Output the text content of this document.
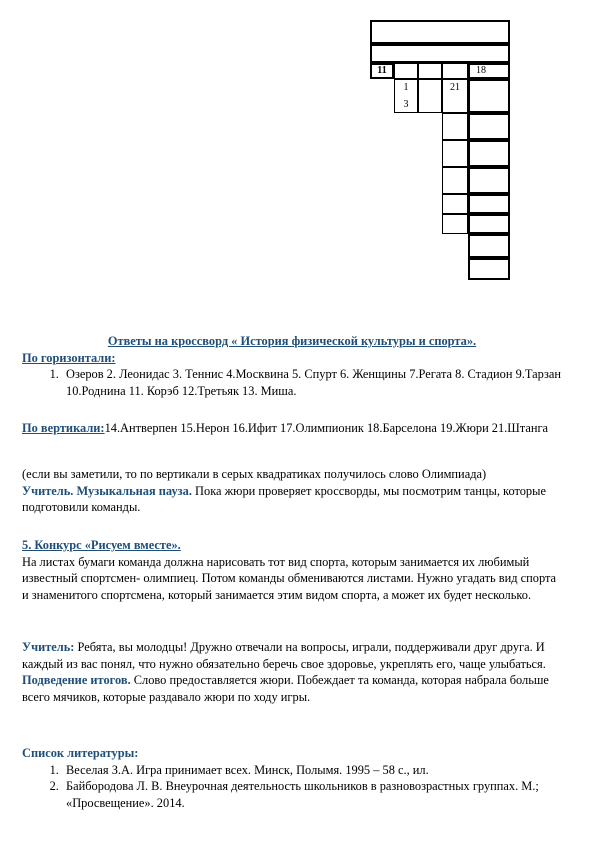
11	18
1
3
21

Ответы на кроссворд « История физической культуры и спорта».

По горизонтали:

1. Озеров 2. Леонидас 3. Теннис 4.Москвина 5. Спурт 6. Женщины 7.Регата 8. Стадион 9.Тарзан 10.Роднина 11. Корэб 12.Третьяк 13. Миша.

По вертикали:14.Антверпен 15.Нерон 16.Ифит 17.Олимпионик 18.Барселона 19.Жюри 21.Штанга

(если вы заметили, то по вертикали в серых квадратиках получилось слово Олимпиада)

Учитель. Музыкальная пауза. Пока жюри проверяет кроссворды, мы посмотрим танцы, которые подготовили команды.

5. Конкурс «Рисуем вместе».

На листах бумаги команда должна нарисовать тот вид спорта, которым занимается их любимый известный спортсмен- олимпиец. Потом команды обмениваются листами. Нужно угадать вид спорта и знаменитого спортсмена, который занимается этим видом спорта, а может их будет несколько.

Учитель: Ребята, вы молодцы! Дружно отвечали на вопросы, играли, поддерживали друг друга. И каждый из вас понял, что нужно обязательно беречь свое здоровье, укреплять его, чаще улыбаться.

Подведение итогов. Слово предоставляется жюри. Побеждает та команда, которая набрала больше всего мячиков, которые раздавало жюри по ходу игры.

Список литературы:

1. Веселая З.А. Игра принимает всех. Минск, Полымя. 1995 – 58 с., ил.
2. Байбородова Л. В. Внеурочная деятельность школьников в разновозрастных группах. М.; «Просвещение». 2014.
